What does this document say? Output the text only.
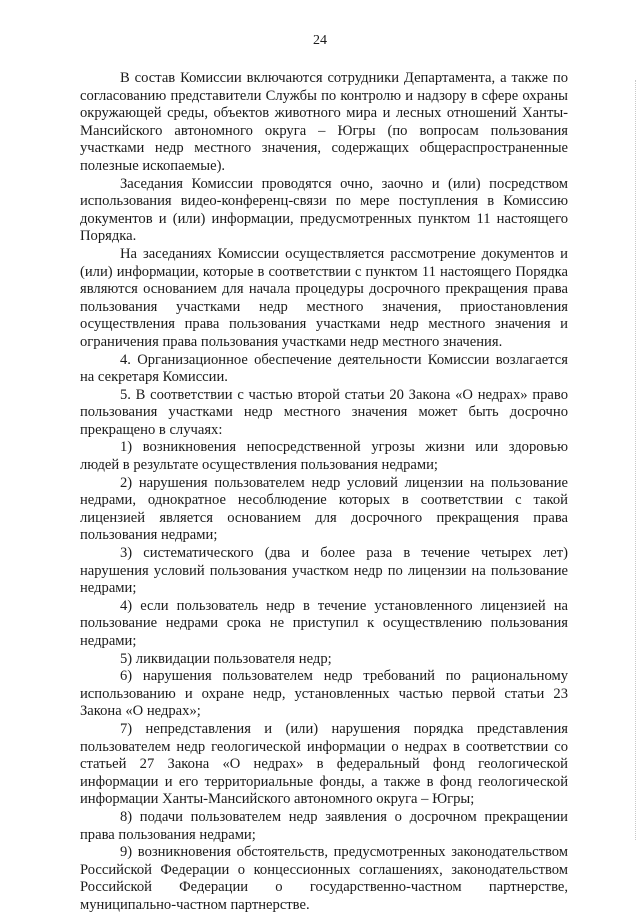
24

В состав Комиссии включаются сотрудники Департамента, а также по согласованию представители Службы по контролю и надзору в сфере охраны окружающей среды, объектов животного мира и лесных отношений Ханты-Мансийского автономного округа – Югры (по вопросам пользования участками недр местного значения, содержащих общераспространенные полезные ископаемые).

Заседания Комиссии проводятся очно, заочно и (или) посредством использования видео-конференц-связи по мере поступления в Комиссию документов и (или) информации, предусмотренных пунктом 11 настоящего Порядка.

На заседаниях Комиссии осуществляется рассмотрение документов и (или) информации, которые в соответствии с пунктом 11 настоящего Порядка являются основанием для начала процедуры досрочного прекращения права пользования участками недр местного значения, приостановления осуществления права пользования участками недр местного значения и ограничения права пользования участками недр местного значения.

4. Организационное обеспечение деятельности Комиссии возлагается на секретаря Комиссии.

5. В соответствии с частью второй статьи 20 Закона «О недрах» право пользования участками недр местного значения может быть досрочно прекращено в случаях:

1) возникновения непосредственной угрозы жизни или здоровью людей в результате осуществления пользования недрами;

2) нарушения пользователем недр условий лицензии на пользование недрами, однократное несоблюдение которых в соответствии с такой лицензией является основанием для досрочного прекращения права пользования недрами;

3) систематического (два и более раза в течение четырех лет) нарушения условий пользования участком недр по лицензии на пользование недрами;

4) если пользователь недр в течение установленного лицензией на пользование недрами срока не приступил к осуществлению пользования недрами;

5) ликвидации пользователя недр;

6) нарушения пользователем недр требований по рациональному использованию и охране недр, установленных частью первой статьи 23 Закона «О недрах»;

7) непредставления и (или) нарушения порядка представления пользователем недр геологической информации о недрах в соответствии со статьей 27 Закона «О недрах» в федеральный фонд геологической информации и его территориальные фонды, а также в фонд геологической информации Ханты-Мансийского автономного округа – Югры;

8) подачи пользователем недр заявления о досрочном прекращении права пользования недрами;

9) возникновения обстоятельств, предусмотренных законодательством Российской Федерации о концессионных соглашениях, законодательством Российской Федерации о государственно-частном партнерстве, муниципально-частном партнерстве.
